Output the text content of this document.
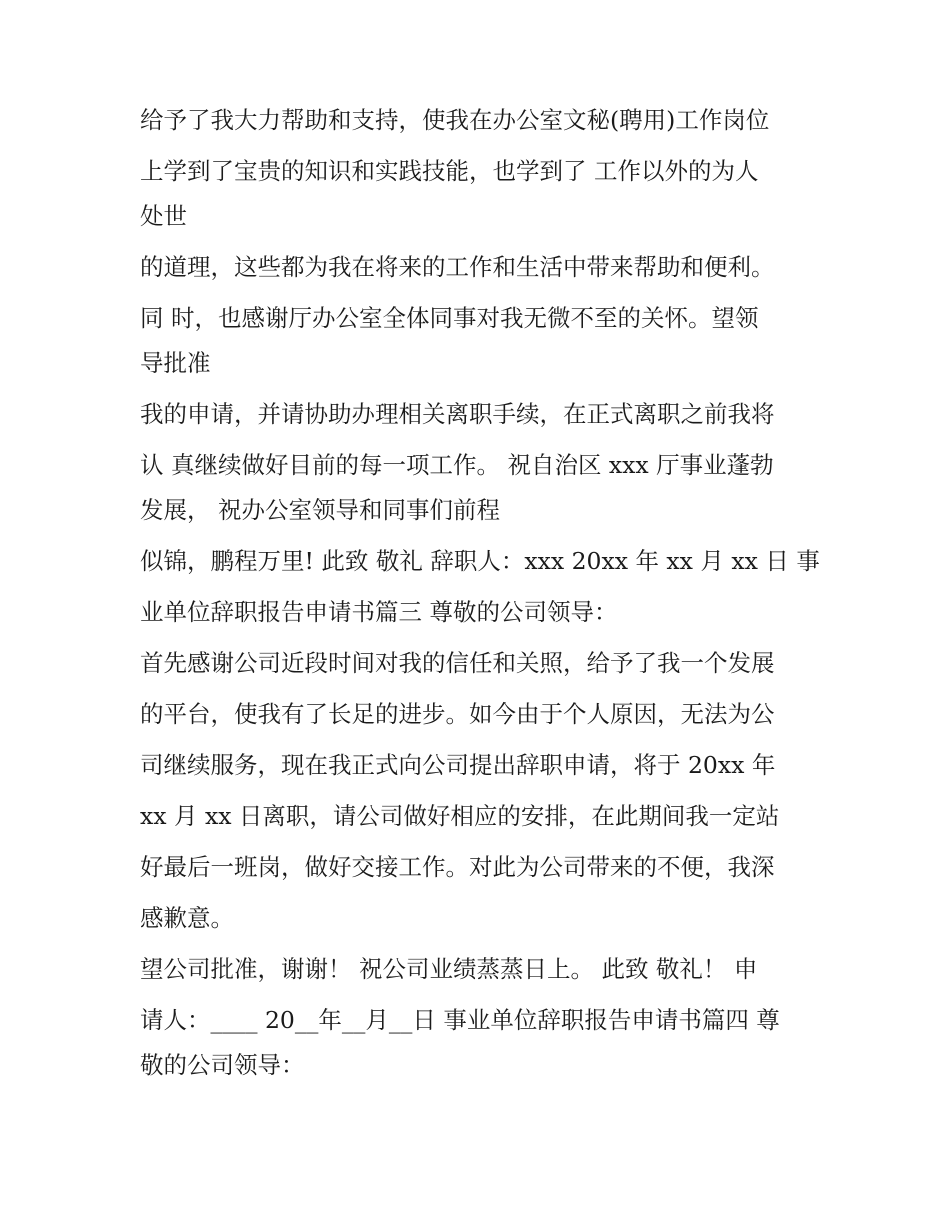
给予了我大力帮助和支持，使我在办公室文秘(聘用)工作岗位
上学到了宝贵的知识和实践技能，也学到了 工作以外的为人
处世
的道理，这些都为我在将来的工作和生活中带来帮助和便利。
同 时，也感谢厅办公室全体同事对我无微不至的关怀。望领
导批准
我的申请，并请协助办理相关离职手续，在正式离职之前我将
认 真继续做好目前的每一项工作。 祝自治区 xxx 厅事业蓬勃
发展， 祝办公室领导和同事们前程
似锦，鹏程万里! 此致 敬礼 辞职人：xxx 20xx 年 xx 月 xx 日 事
业单位辞职报告申请书篇三 尊敬的公司领导：
首先感谢公司近段时间对我的信任和关照，给予了我一个发展
的平台，使我有了长足的进步。如今由于个人原因，无法为公
司继续服务，现在我正式向公司提出辞职申请，将于 20xx 年
xx 月 xx 日离职，请公司做好相应的安排，在此期间我一定站
好最后一班岗，做好交接工作。对此为公司带来的不便，我深
感歉意。
望公司批准，谢谢！ 祝公司业绩蒸蒸日上。 此致 敬礼！ 申
请人：____ 20__年__月__日 事业单位辞职报告申请书篇四 尊
敬的公司领导：
